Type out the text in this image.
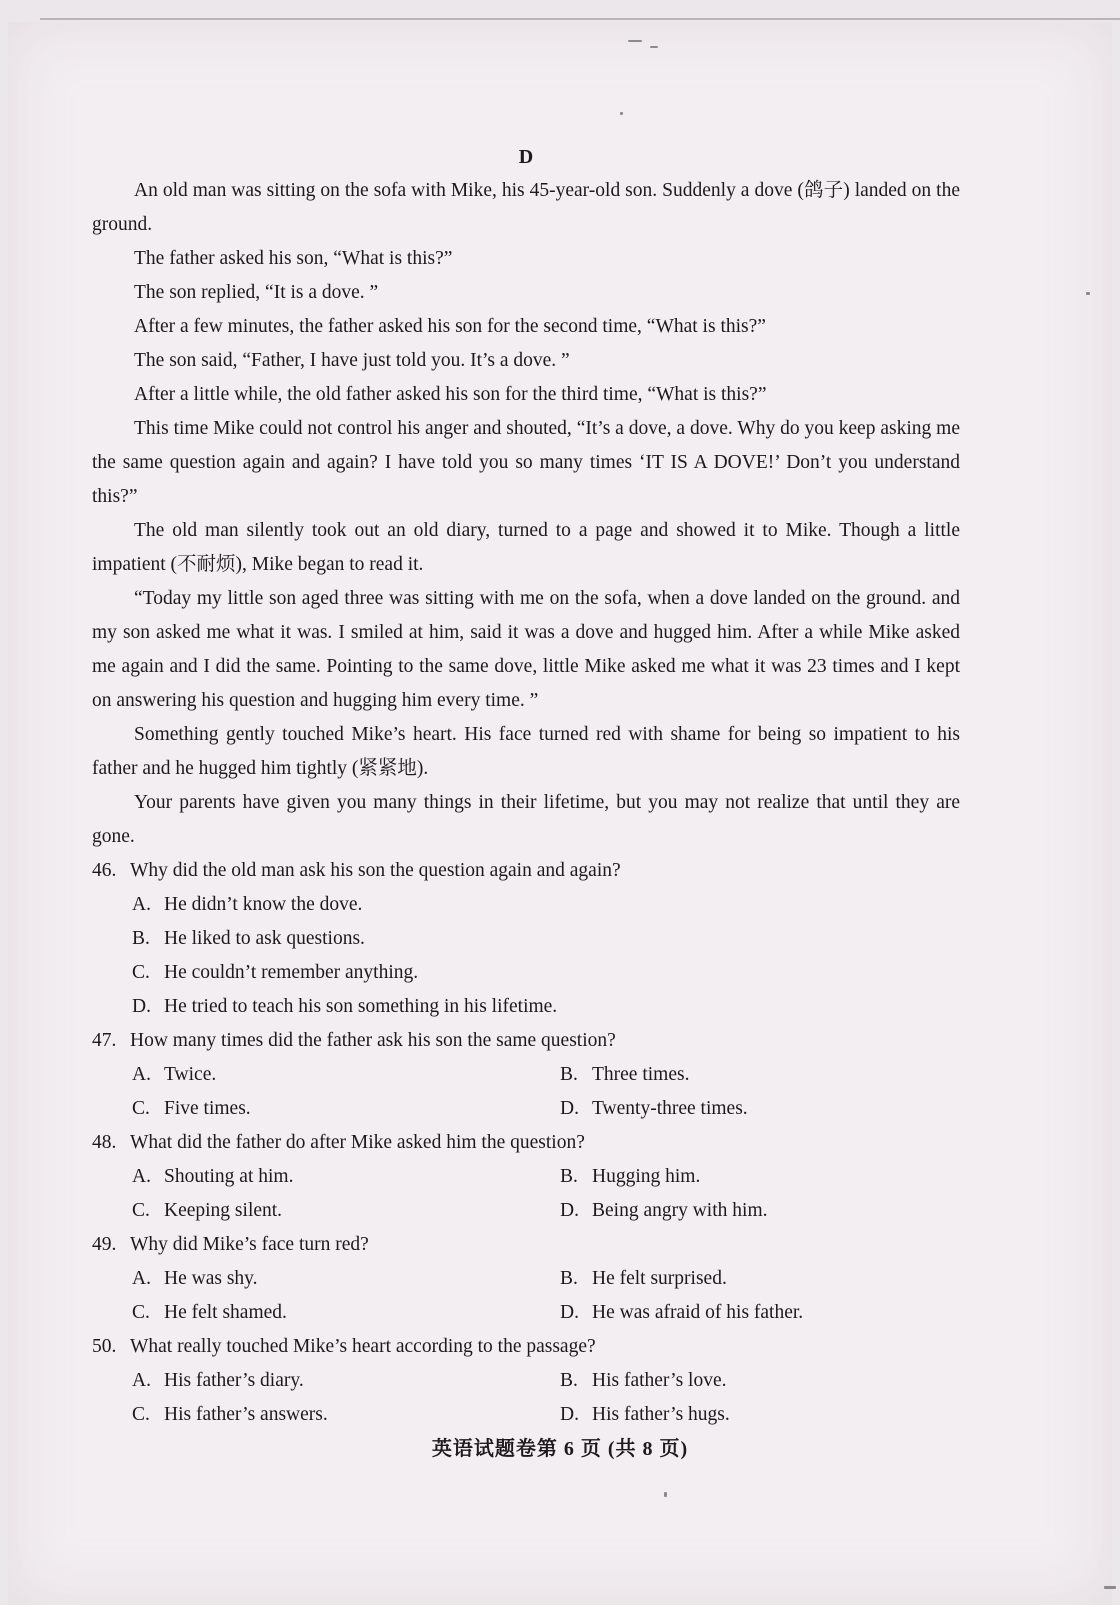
D

An old man was sitting on the sofa with Mike, his 45-year-old son. Suddenly a dove (鸽子) landed on the ground.

The father asked his son, “What is this?”

The son replied, “It is a dove. ”

After a few minutes, the father asked his son for the second time, “What is this?”

The son said, “Father, I have just told you. It’s a dove. ”

After a little while, the old father asked his son for the third time, “What is this?”

This time Mike could not control his anger and shouted, “It’s a dove, a dove. Why do you keep asking me the same question again and again? I have told you so many times ‘IT IS A DOVE!’ Don’t you understand this?”

The old man silently took out an old diary, turned to a page and showed it to Mike. Though a little impatient (不耐烦), Mike began to read it.

“Today my little son aged three was sitting with me on the sofa, when a dove landed on the ground. and my son asked me what it was. I smiled at him, said it was a dove and hugged him. After a while Mike asked me again and I did the same. Pointing to the same dove, little Mike asked me what it was 23 times and I kept on answering his question and hugging him every time. ”

Something gently touched Mike’s heart. His face turned red with shame for being so impatient to his father and he hugged him tightly (紧紧地).

Your parents have given you many things in their lifetime, but you may not realize that until they are gone.

46. Why did the old man ask his son the question again and again?
A. He didn’t know the dove.
B. He liked to ask questions.
C. He couldn’t remember anything.
D. He tried to teach his son something in his lifetime.
47. How many times did the father ask his son the same question?
A. Twice.	B. Three times.
C. Five times.	D. Twenty-three times.
48. What did the father do after Mike asked him the question?
A. Shouting at him.	B. Hugging him.
C. Keeping silent.	D. Being angry with him.
49. Why did Mike’s face turn red?
A. He was shy.	B. He felt surprised.
C. He felt shamed.	D. He was afraid of his father.
50. What really touched Mike’s heart according to the passage?
A. His father’s diary.	B. His father’s love.
C. His father’s answers.	D. His father’s hugs.
英语试题卷第 6 页 (共 8 页)
